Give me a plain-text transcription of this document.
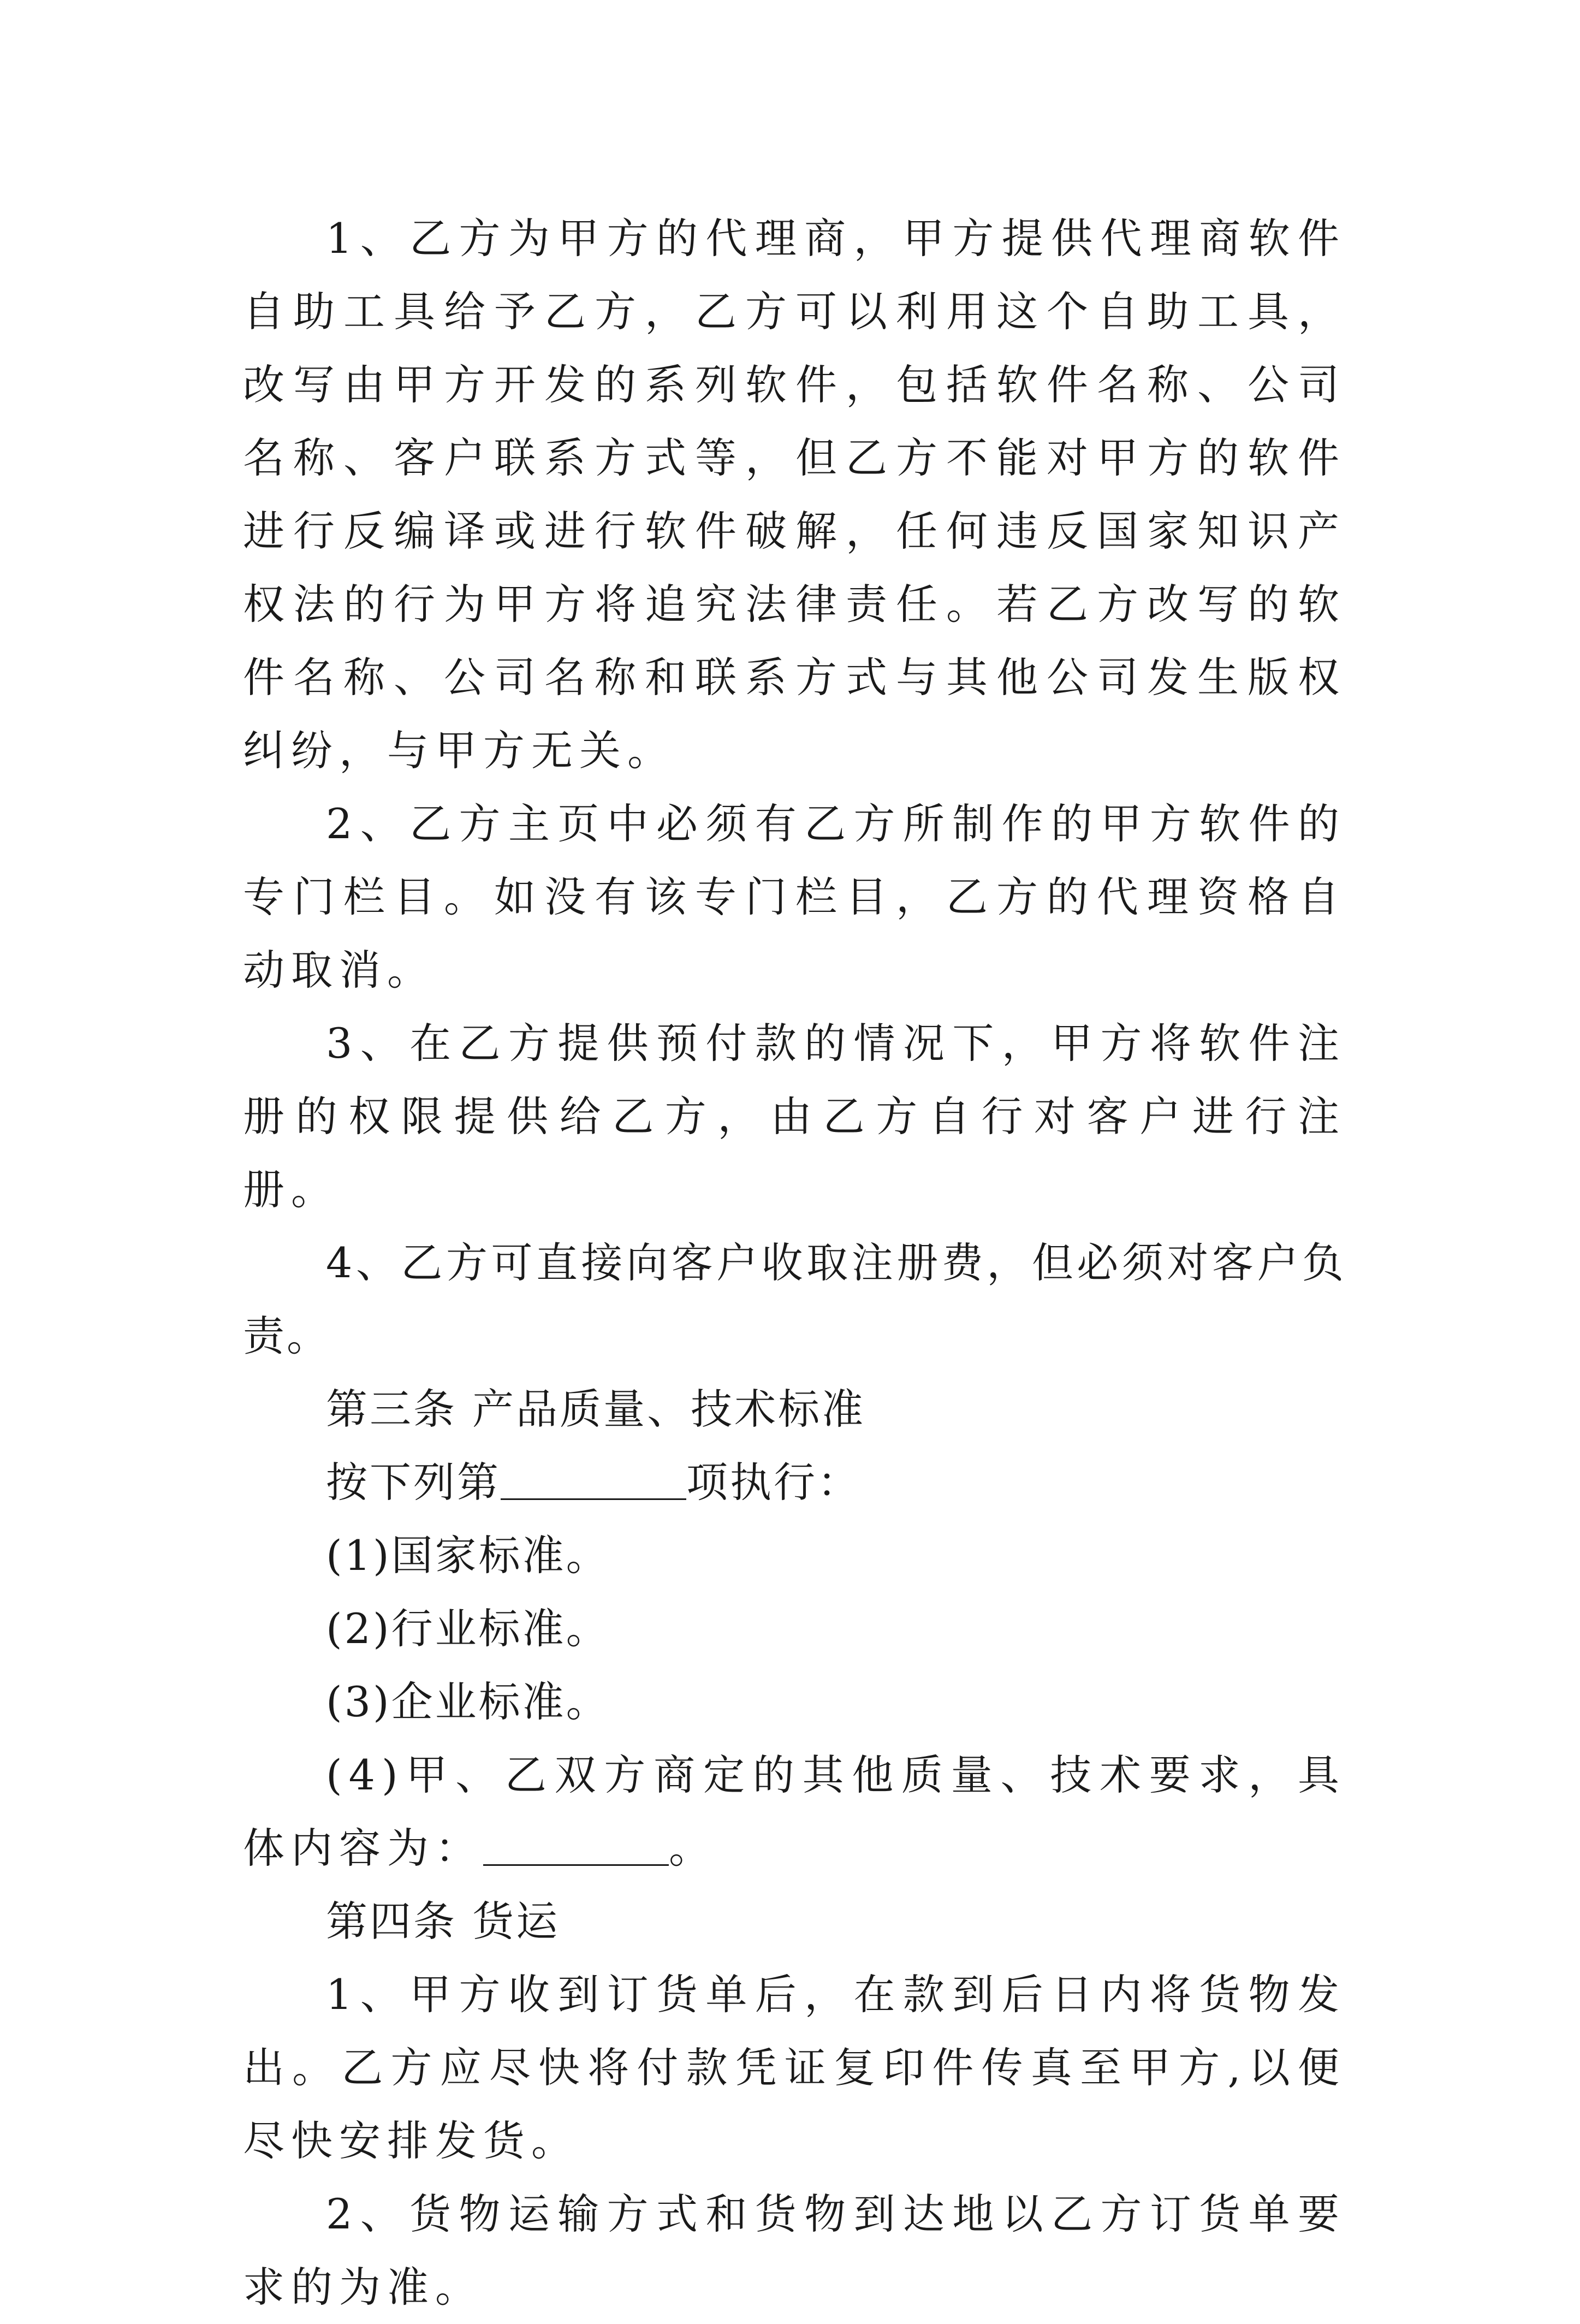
1、乙方为甲方的代理商，甲方提供代理商软件自助工具给予乙方，乙方可以利用这个自助工具，改写由甲方开发的系列软件，包括软件名称、公司名称、客户联系方式等，但乙方不能对甲方的软件进行反编译或进行软件破解，任何违反国家知识产权法的行为甲方将追究法律责任。若乙方改写的软件名称、公司名称和联系方式与其他公司发生版权纠纷，与甲方无关。

2、乙方主页中必须有乙方所制作的甲方软件的专门栏目。如没有该专门栏目，乙方的代理资格自动取消。

3、在乙方提供预付款的情况下，甲方将软件注册的权限提供给乙方，由乙方自行对客户进行注册。

4、乙方可直接向客户收取注册费，但必须对客户负责。

第三条 产品质量、技术标准

按下列第	项执行：

(1)国家标准。

(2)行业标准。

(3)企业标准。

(4)甲、乙双方商定的其他质量、技术要求，具体内容为：	。

第四条 货运

1、甲方收到订货单后，在款到后日内将货物发出。乙方应尽快将付款凭证复印件传真至甲方,以便尽快安排发货。

2、货物运输方式和货物到达地以乙方订货单要求的为准。
